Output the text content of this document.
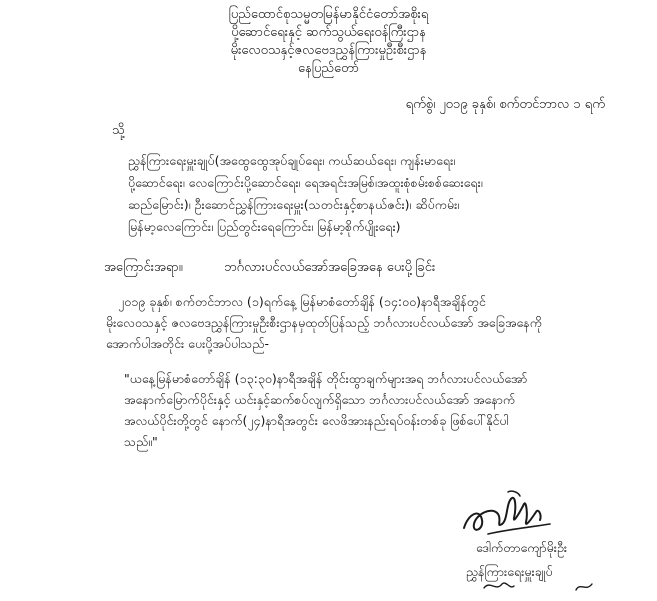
ပြည်ထောင်စုသမ္မတမြန်မာနိုင်ငံတော်အစိုးရ
ပို့ဆောင်ရေးနှင့် ဆက်သွယ်ရေးဝန်ကြီးဌာန
မိုးလေဝသနှင့်ဇလဗေဒညွှန်ကြားမှုဦးစီးဌာန
နေပြည်တော်
ရက်စွဲ၊ ၂၀၁၉ ခုနှစ်၊ စက်တင်ဘာလ ၁ ရက်
သို့
ညွှန်ကြားရေးမှူးချုပ်(အထွေထွေအုပ်ချုပ်ရေး၊ ကယ်ဆယ်ရေး၊ ကျန်းမာရေး၊
ပို့ဆောင်ရေး၊ လေကြောင်းပို့ဆောင်ရေး၊ ရေအရင်းအမြစ်၊အထူးစုံစမ်းစစ်ဆေးရေး၊
ဆည်မြောင်း)၊ ဦးဆောင်ညွှန်ကြားရေးမှူး(သတင်းနှင့်စာနယ်ဇင်း)၊ ဆိပ်ကမ်း၊
မြန်မာ့လေကြောင်း၊ ပြည်တွင်းရေကြောင်း၊ မြန်မာ့စိုက်ပျိုးရေး)
အကြောင်းအရာ။	ဘင်္ဂလားပင်လယ်အော်အခြေအနေ ပေးပို့ခြင်း
၂၀၁၉ ခုနှစ်၊ စက်တင်ဘာလ (၁)ရက်နေ့ မြန်မာစံတော်ချိန် (၁၄:၀၀)နာရီအချိန်တွင်
မိုးလေဝသနှင့် ဇလဗေဒညွှန်ကြားမှုဦးစီးဌာနမှထုတ်ပြန်သည့် ဘင်္ဂလားပင်လယ်အော် အခြေအနေကို
အောက်ပါအတိုင်း ပေးပို့အပ်ပါသည်-
"ယနေ့မြန်မာစံတော်ချိန် (၁၃:၃၀)နာရီအချိန် တိုင်းထွာချက်များအရ ဘင်္ဂလားပင်လယ်အော်
အနောက်မြောက်ပိုင်းနှင့် ယင်းနှင့်ဆက်စပ်လျက်ရှိသော ဘင်္ဂလားပင်လယ်အော် အနောက်
အလယ်ပိုင်းတို့တွင် နောက်(၂၄)နာရီအတွင်း လေဖိအားနည်းရပ်ဝန်းတစ်ခု ဖြစ်ပေါ်နိုင်ပါ
သည်။"
ဒေါက်တာကျော်မိုးဦး
ညွှန်ကြားရေးမှူးချုပ်
